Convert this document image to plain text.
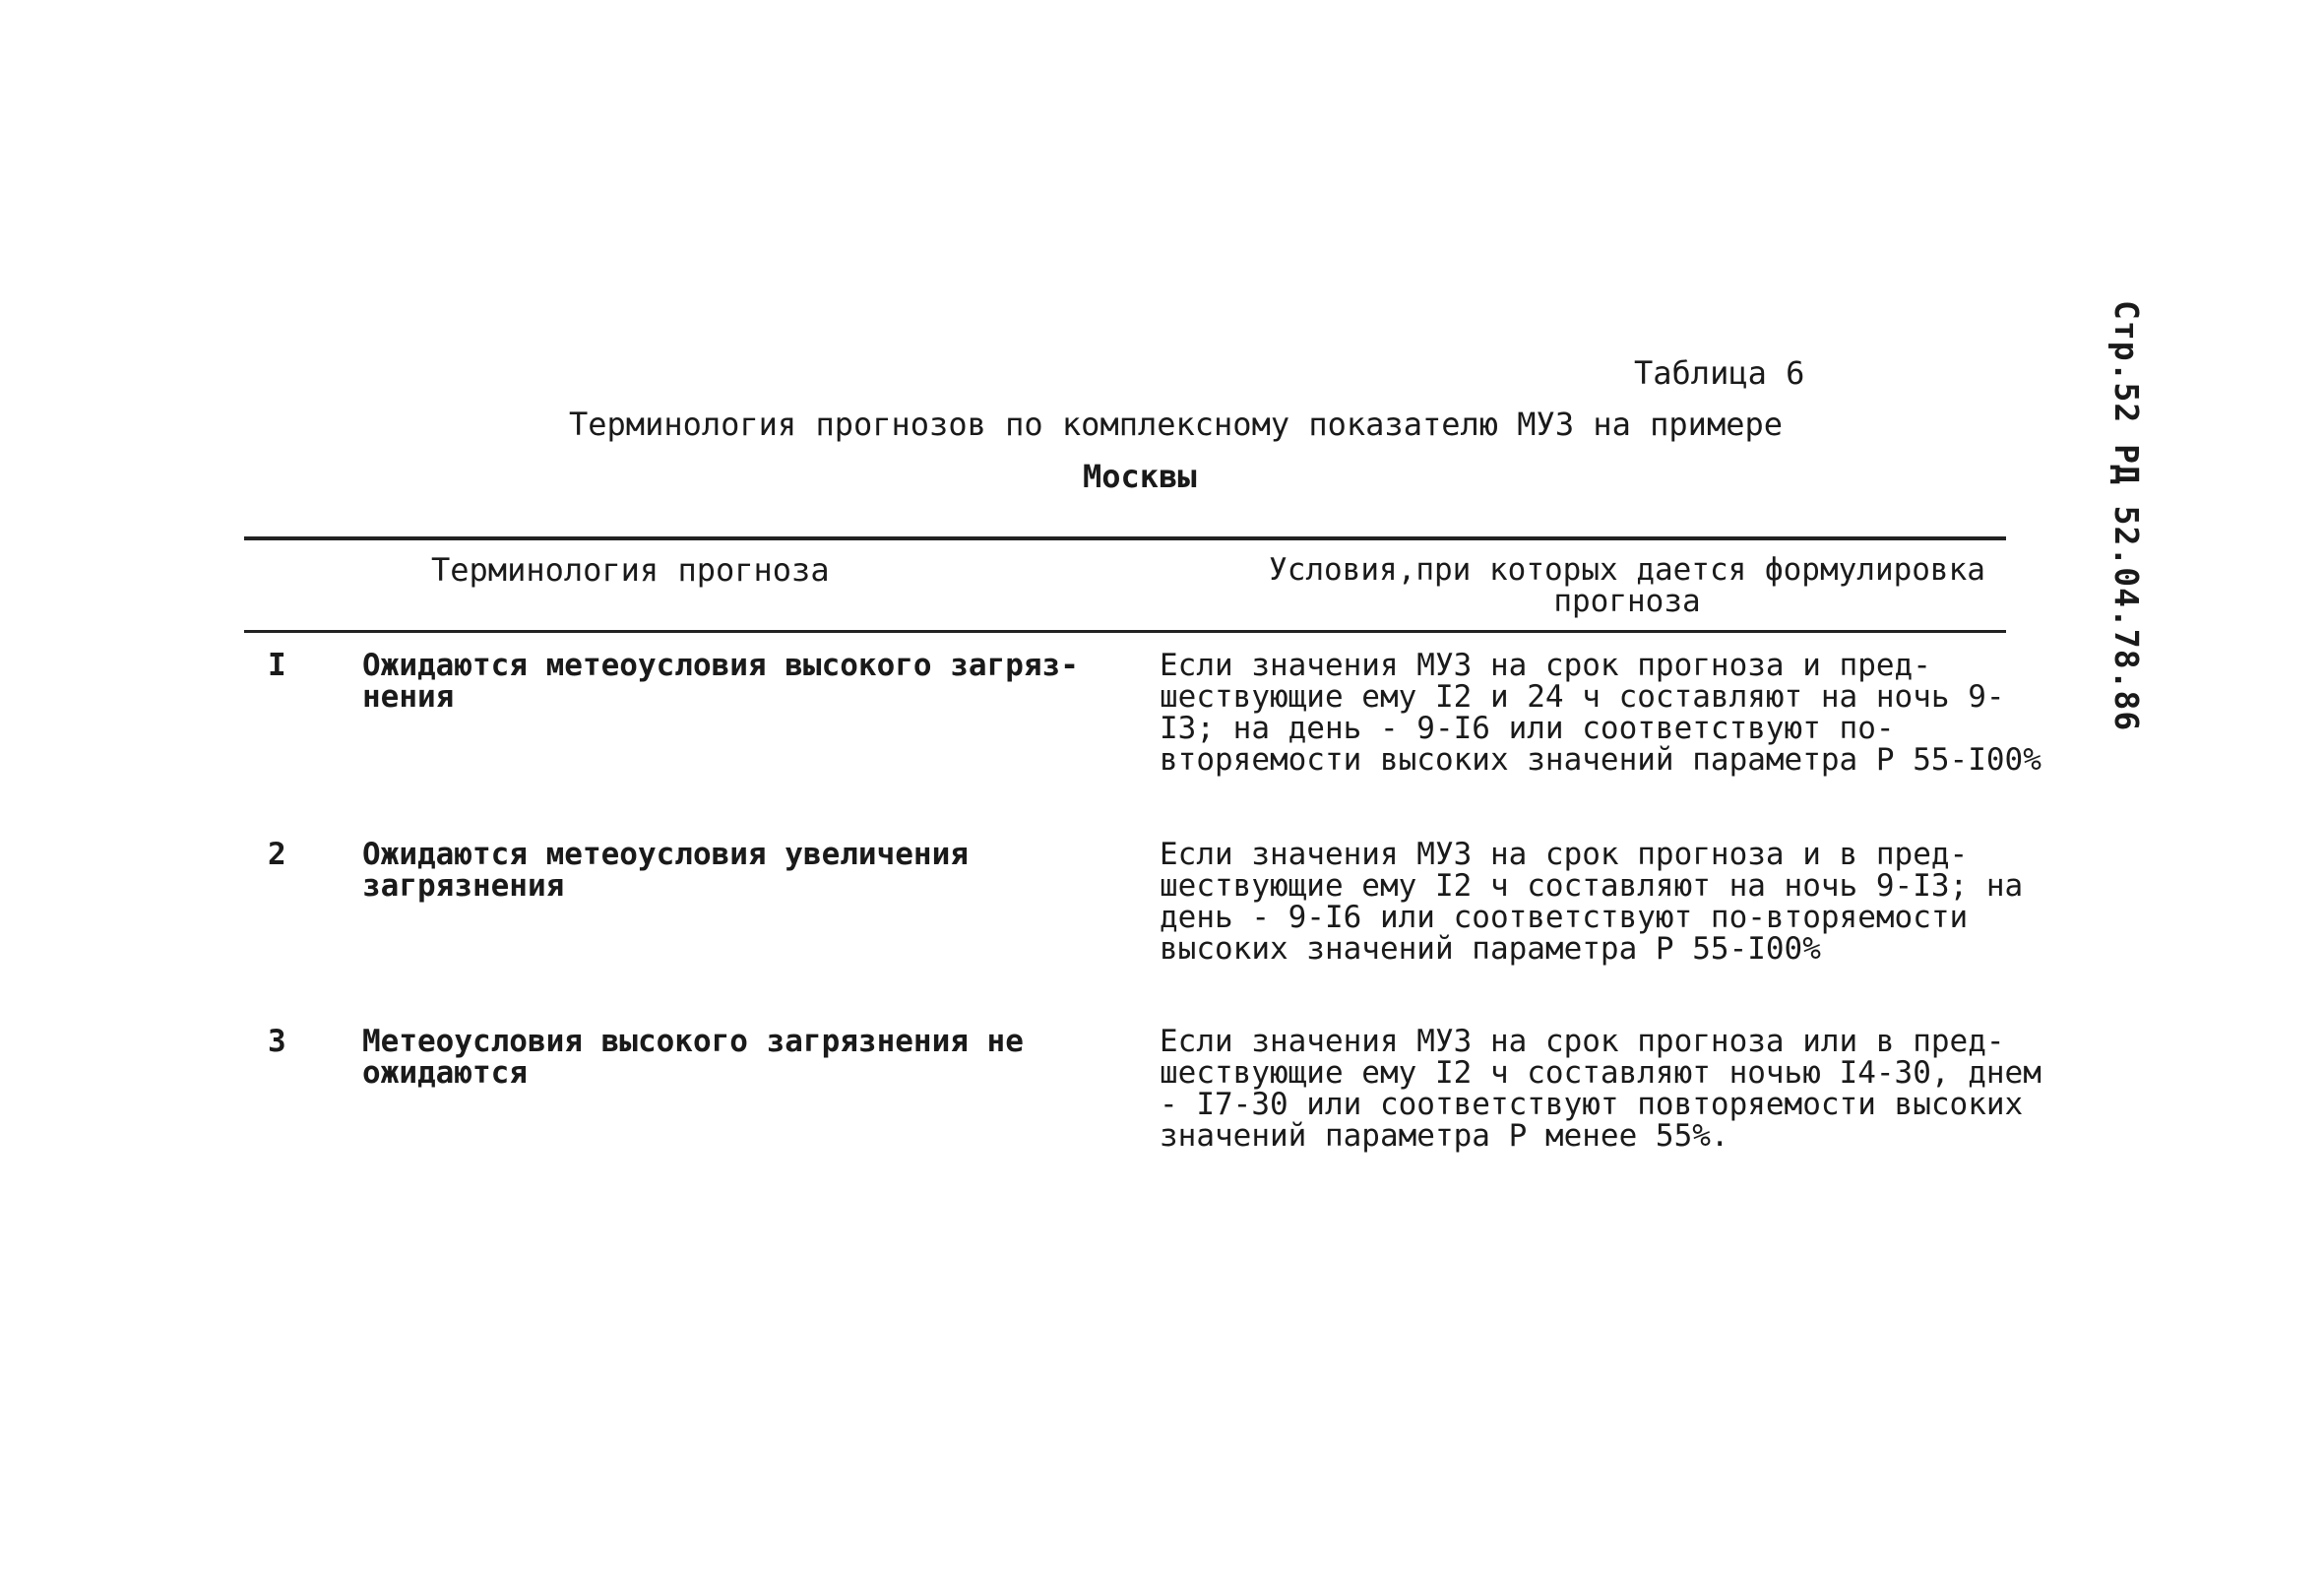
Стр.52 РД 52.04.78.86
Таблица 6
Терминология прогнозов по комплексному показателю МУЗ на примере
Москвы
Терминология прогноза	Условия,при которых дается формулировка прогноза
I Ожидаются метеоусловия высокого загряз-нения
Если значения МУЗ на срок прогноза и пред-шествующие ему I2 и 24 ч составляют на ночь 9-I3; на день - 9-I6 или соответствуют по-вторяемости высоких значений параметра P 55-I00%
2 Ожидаются метеоусловия увеличения загрязнения
Если значения МУЗ на срок прогноза и в пред-шествующие ему I2 ч составляют на ночь 9-I3; на день - 9-I6 или соответствуют по-вторяемости высоких значений параметра P 55-I00%
3 Метеоусловия высокого загрязнения не ожидаются
Если значения МУЗ на срок прогноза или в пред-шествующие ему I2 ч составляют ночью I4-30, днем - I7-30 или соответствуют повторяемости высоких значений параметра P менее 55%.
